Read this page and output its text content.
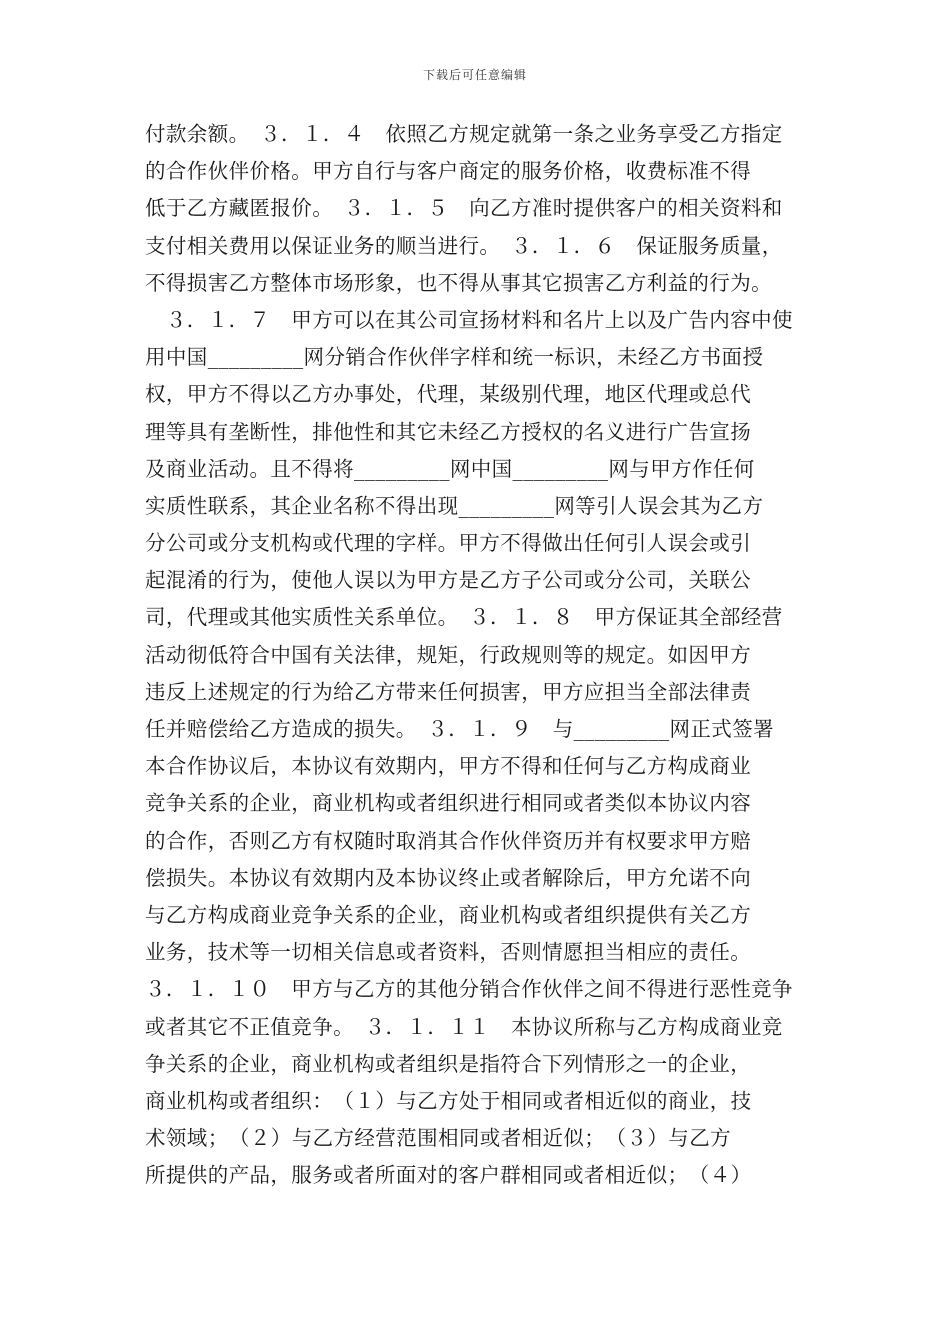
下载后可任意编辑
付款余额。　３．１．４　依照乙方规定就第一条之业务享受乙方指定
的合作伙伴价格。甲方自行与客户商定的服务价格，收费标准不得
低于乙方藏匿报价。　３．１．５　向乙方准时提供客户的相关资料和
支付相关费用以保证业务的顺当进行。　３．１．６　保证服务质量，
不得损害乙方整体市场形象，也不得从事其它损害乙方利益的行为。
　３．１．７　甲方可以在其公司宣扬材料和名片上以及广告内容中使
用中国_________网分销合作伙伴字样和统一标识，未经乙方书面授
权，甲方不得以乙方办事处，代理，某级别代理，地区代理或总代
理等具有垄断性，排他性和其它未经乙方授权的名义进行广告宣扬
及商业活动。且不得将_________网中国_________网与甲方作任何
实质性联系，其企业名称不得出现_________网等引人误会其为乙方
分公司或分支机构或代理的字样。甲方不得做出任何引人误会或引
起混淆的行为，使他人误以为甲方是乙方子公司或分公司，关联公
司，代理或其他实质性关系单位。　３．１．８　甲方保证其全部经营
活动彻低符合中国有关法律，规矩，行政规则等的规定。如因甲方
违反上述规定的行为给乙方带来任何损害，甲方应担当全部法律责
任并赔偿给乙方造成的损失。　３．１．９　与_________网正式签署
本合作协议后，本协议有效期内，甲方不得和任何与乙方构成商业
竞争关系的企业，商业机构或者组织进行相同或者类似本协议内容
的合作，否则乙方有权随时取消其合作伙伴资历并有权要求甲方赔
偿损失。本协议有效期内及本协议终止或者解除后，甲方允诺不向
与乙方构成商业竞争关系的企业，商业机构或者组织提供有关乙方
业务，技术等一切相关信息或者资料，否则情愿担当相应的责任。
３．１．１０　甲方与乙方的其他分销合作伙伴之间不得进行恶性竞争
或者其它不正值竞争。　３．１．１１　本协议所称与乙方构成商业竞
争关系的企业，商业机构或者组织是指符合下列情形之一的企业，
商业机构或者组织：　（１）与乙方处于相同或者相近似的商业，技
术领域；　（２）与乙方经营范围相同或者相近似；　（３）与乙方
所提供的产品，服务或者所面对的客户群相同或者相近似；　（４）
